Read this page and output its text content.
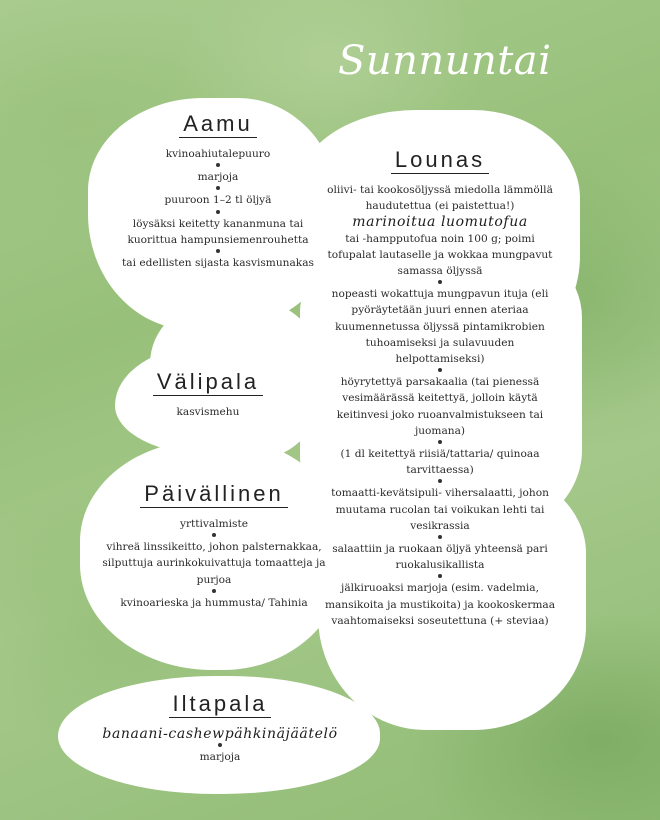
Sunnuntai
Aamu

kvinoahiutalepuuro

marjoja

puuroon 1–2 tl öljyä

löysäksi keitetty kananmuna tai kuorittua hampunsiemenrouhetta

tai edellisten sijasta kasvismunakas

Lounas

oliivi- tai kookosöljyssä miedolla lämmöllä haudutettua (ei paistettua!)

marinoitua luomutofua

tai -hampputofua noin 100 g; poimi tofupalat lautaselle ja wokkaa mungpavut samassa öljyssä

nopeasti wokattuja mungpavun ituja (eli pyöräytetään juuri ennen ateriaa kuumennetussa öljyssä pintamikrobien tuhoamiseksi ja sulavuuden helpottamiseksi)

höyrytettyä parsakaalia (tai pienessä vesimäärässä keitettyä, jolloin käytä keitinvesi joko ruoanvalmistukseen tai juomana)

(1 dl keitettyä riisiä/tattaria/ quinoaa tarvittaessa)

tomaatti-kevätsipuli- vihersalaatti, johon muutama rucolan tai voikukan lehti tai vesikrassia

salaattiin ja ruokaan öljyä yhteensä pari ruokalusikallista

jälkiruoaksi marjoja (esim. vadelmia, mansikoita ja mustikoita) ja kookoskermaa vaahtomaiseksi soseutettuna (+ steviaa)

Välipala

kasvismehu

Päivällinen

yrttivalmiste

vihreä linssikeitto, johon palsternakkaa, silputtuja aurinkokuivattuja tomaatteja ja purjoa

kvinoarieska ja hummusta/ Tahinia

Iltapala

banaani-cashewpähkinäjäätelö

marjoja
